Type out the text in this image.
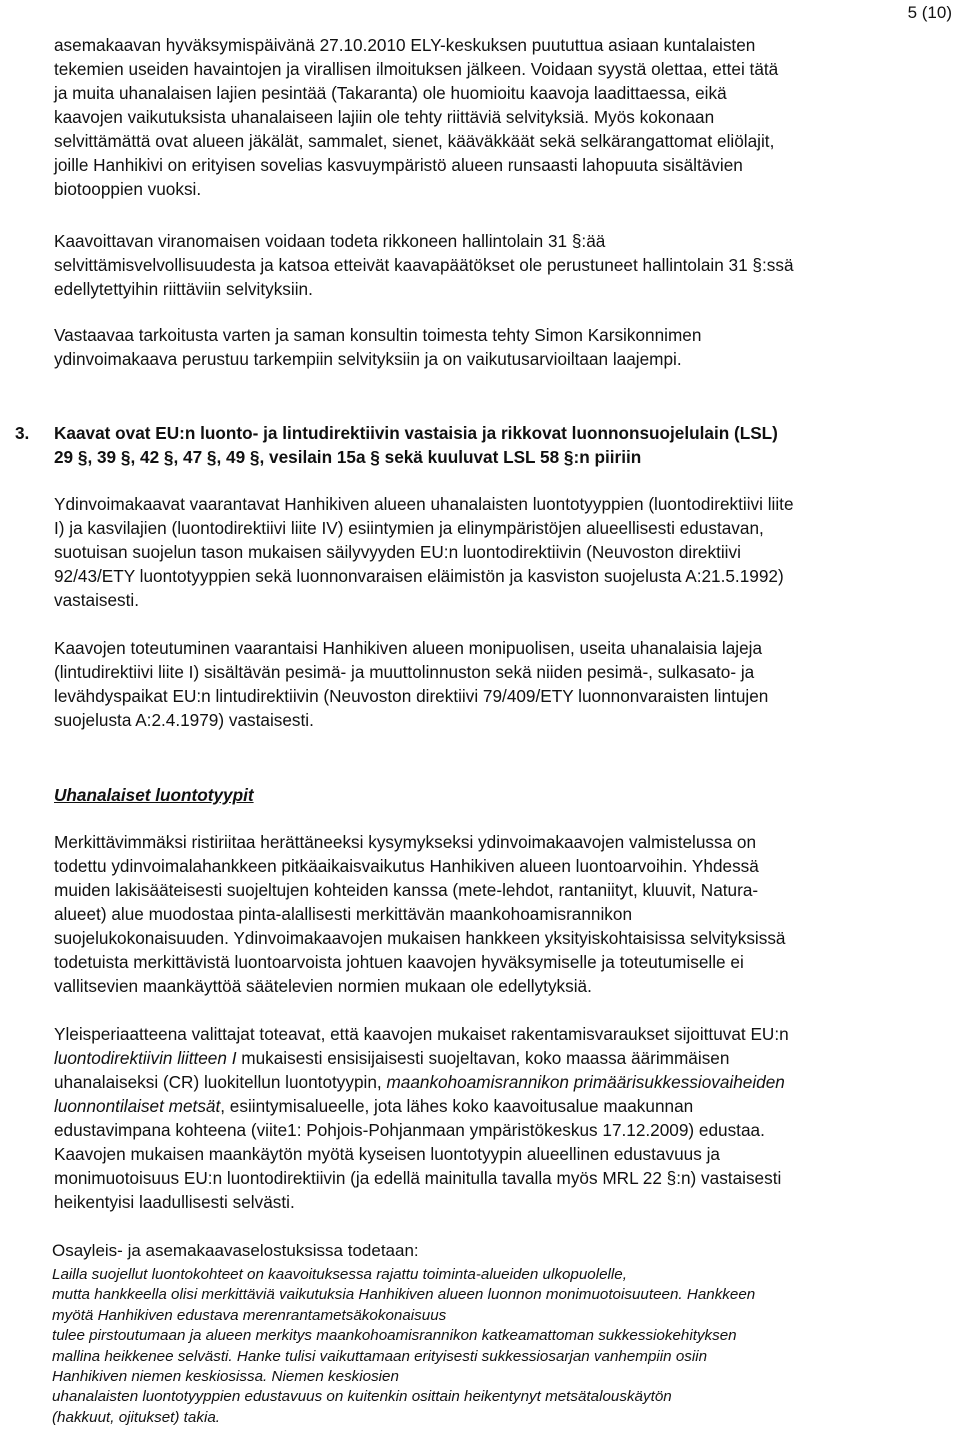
5 (10)
asemakaavan hyväksymispäivänä 27.10.2010 ELY-keskuksen puututtua asiaan kuntalaisten
tekemien useiden havaintojen ja virallisen ilmoituksen jälkeen. Voidaan syystä olettaa, ettei tätä
ja muita uhanalaisen lajien pesintää (Takaranta) ole huomioitu kaavoja laadittaessa, eikä
kaavojen vaikutuksista uhanalaiseen lajiin ole tehty riittäviä selvityksiä. Myös kokonaan
selvittämättä ovat alueen jäkälät, sammalet, sienet, kääväkkäät sekä selkärangattomat eliölajit,
joille Hanhikivi on erityisen sovelias kasvuympäristö alueen runsaasti lahopuuta sisältävien
biotooppien vuoksi.
Kaavoittavan viranomaisen voidaan todeta rikkoneen hallintolain 31 §:ää
selvittämisvelvollisuudesta ja katsoa etteivät kaavapäätökset ole perustuneet hallintolain 31 §:ssä
edellytettyihin riittäviin selvityksiin.
Vastaavaa tarkoitusta varten ja saman konsultin toimesta tehty Simon Karsikonnimen
ydinvoimakaava perustuu tarkempiin selvityksiin ja on vaikutusarvioiltaan laajempi.
3. Kaavat ovat EU:n luonto- ja lintudirektiivin vastaisia ja rikkovat luonnonsuojelulain (LSL)
29 §, 39 §, 42 §, 47 §, 49 §, vesilain 15a § sekä kuuluvat LSL 58 §:n piiriin
Ydinvoimakaavat vaarantavat Hanhikiven alueen uhanalaisten luontotyyppien (luontodirektiivi liite
I) ja kasvilajien (luontodirektiivi liite IV) esiintymien ja elinympäristöjen alueellisesti edustavan,
suotuisan suojelun tason mukaisen säilyvyyden EU:n luontodirektiivin (Neuvoston direktiivi
92/43/ETY luontotyyppien sekä luonnonvaraisen eläimistön ja kasviston suojelusta A:21.5.1992)
vastaisesti.
Kaavojen toteutuminen vaarantaisi Hanhikiven alueen monipuolisen, useita uhanalaisia lajeja
(lintudirektiivi liite I) sisältävän pesimä- ja muuttolinnuston sekä niiden pesimä-, sulkasato- ja
levähdyspaikat EU:n lintudirektiivin (Neuvoston direktiivi 79/409/ETY luonnonvaraisten lintujen
suojelusta A:2.4.1979) vastaisesti.
Uhanalaiset luontotyypit
Merkittävimmäksi ristiriitaa herättäneeksi kysymykseksi ydinvoimakaavojen valmistelussa on
todettu ydinvoimalahankkeen pitkäaikaisvaikutus Hanhikiven alueen luontoarvoihin. Yhdessä
muiden lakisääteisesti suojeltujen kohteiden kanssa (mete-lehdot, rantaniityt, kluuvit, Natura-
alueet) alue muodostaa pinta-alallisesti merkittävän maankohoamisrannikon
suojelukokonaisuuden. Ydinvoimakaavojen mukaisen hankkeen yksityiskohtaisissa selvityksissä
todetuista merkittävistä luontoarvoista johtuen kaavojen hyväksymiselle ja toteutumiselle ei
vallitsevien maankäyttöä säätelevien normien mukaan ole edellytyksiä.
Yleisperiaatteena valittajat toteavat, että kaavojen mukaiset rakentamisvaraukset sijoittuvat EU:n
luontodirektiivin liitteen I mukaisesti ensisijaisesti suojeltavan, koko maassa äärimmäisen
uhanalaiseksi (CR) luokitellun luontotyypin, maankohoamisrannikon primäärisukkessiovaiheiden
luonnontilaiset metsät, esiintymisalueelle, jota lähes koko kaavoitusalue maakunnan
edustavimpana kohteena (viite1: Pohjois-Pohjanmaan ympäristökeskus 17.12.2009) edustaa.
Kaavojen mukaisen maankäytön myötä kyseisen luontotyypin alueellinen edustavuus ja
monimuotoisuus EU:n luontodirektiivin (ja edellä mainitulla tavalla myös MRL 22 §:n) vastaisesti
heikentyisi laadullisesti selvästi.
Osayleis- ja asemakaavaselostuksissa todetaan:
Lailla suojellut luontokohteet on kaavoituksessa rajattu toiminta-alueiden ulkopuolelle,
mutta hankkeella olisi merkittäviä vaikutuksia Hanhikiven alueen luonnon monimuotoisuuteen. Hankkeen
myötä Hanhikiven edustava merenrantametsäkokonaisuus
tulee pirstoutumaan ja alueen merkitys maankohoamisrannikon katkeamattoman sukkessiokehityksen
mallina heikkenee selvästi. Hanke tulisi vaikuttamaan erityisesti sukkessiosarjan vanhempiin osiin
Hanhikiven niemen keskiosissa. Niemen keskiosien
uhanalaisten luontotyyppien edustavuus on kuitenkin osittain heikentynyt metsätalouskäytön
(hakkuut, ojitukset) takia.
